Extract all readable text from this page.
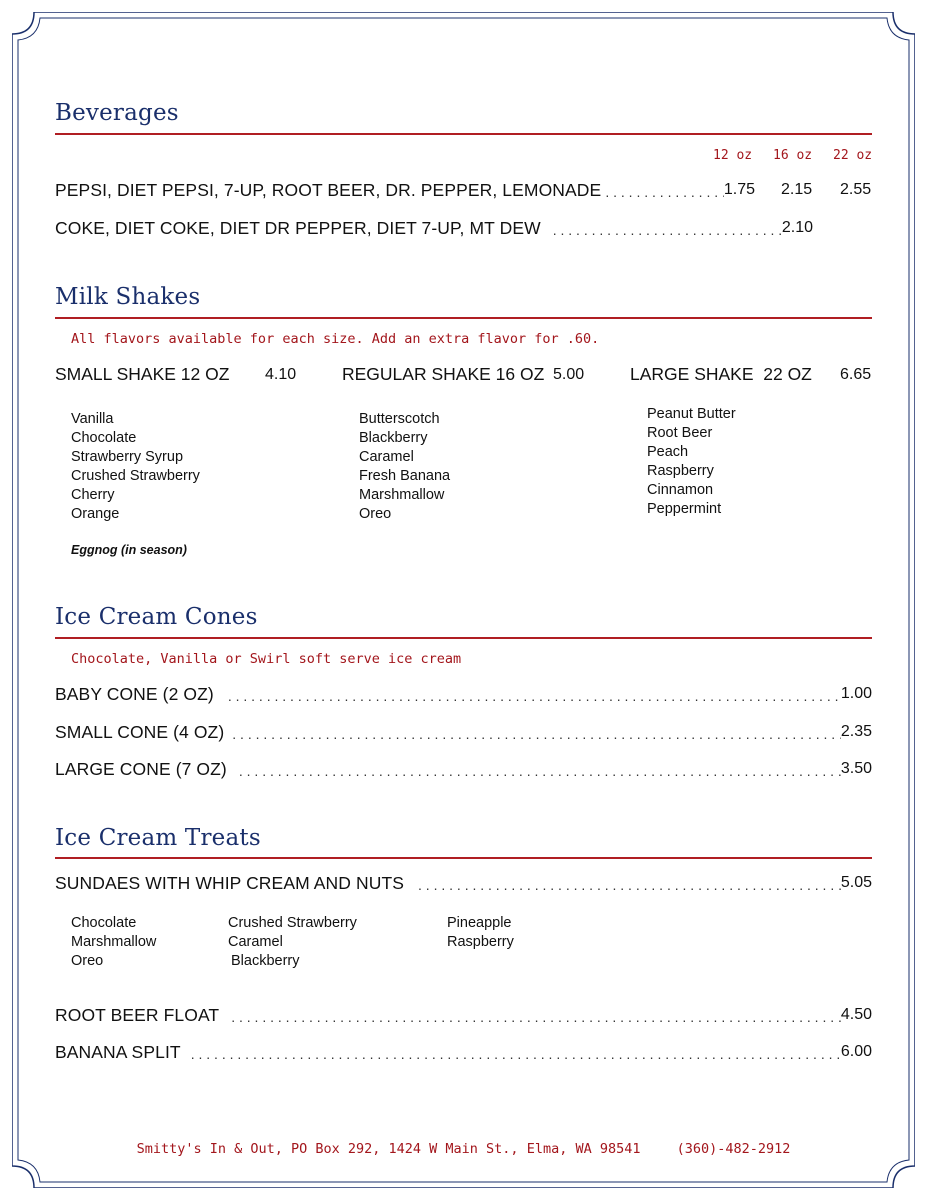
Beverages
12 oz 16 oz 22 oz
PEPSI, DIET PEPSI, 7-UP, ROOT BEER, DR. PEPPER, LEMONADE . . .	1.75 2.15 2.55
COKE, DIET COKE, DIET DR PEPPER, DIET 7-UP, MT DEW . . .	2.10
Milk Shakes
All flavors available for each size. Add an extra flavor for .60.
SMALL SHAKE 12 OZ 4.10	REGULAR SHAKE 16 OZ 5.00	LARGE SHAKE  22 OZ 6.65
Vanilla
Chocolate
Strawberry Syrup
Crushed Strawberry
Cherry
Orange
Butterscotch
Blackberry
Caramel
Fresh Banana
Marshmallow
Oreo
Peanut Butter
Root Beer
Peach
Raspberry
Cinnamon
Peppermint
Eggnog (in season)
Ice Cream Cones
Chocolate, Vanilla or Swirl soft serve ice cream
BABY CONE (2 OZ) . . .	1.00
SMALL CONE (4 OZ) . . .	2.35
LARGE CONE (7 OZ) . . .	3.50
Ice Cream Treats
SUNDAES WITH WHIP CREAM AND NUTS . . .	5.05
Chocolate
Marshmallow
Oreo
Crushed Strawberry
Caramel
Blackberry
Pineapple
Raspberry
ROOT BEER FLOAT . . .	4.50
BANANA SPLIT . . .	6.00
Smitty's In & Out, PO Box 292, 1424 W Main St., Elma, WA 98541	(360)-482-2912
